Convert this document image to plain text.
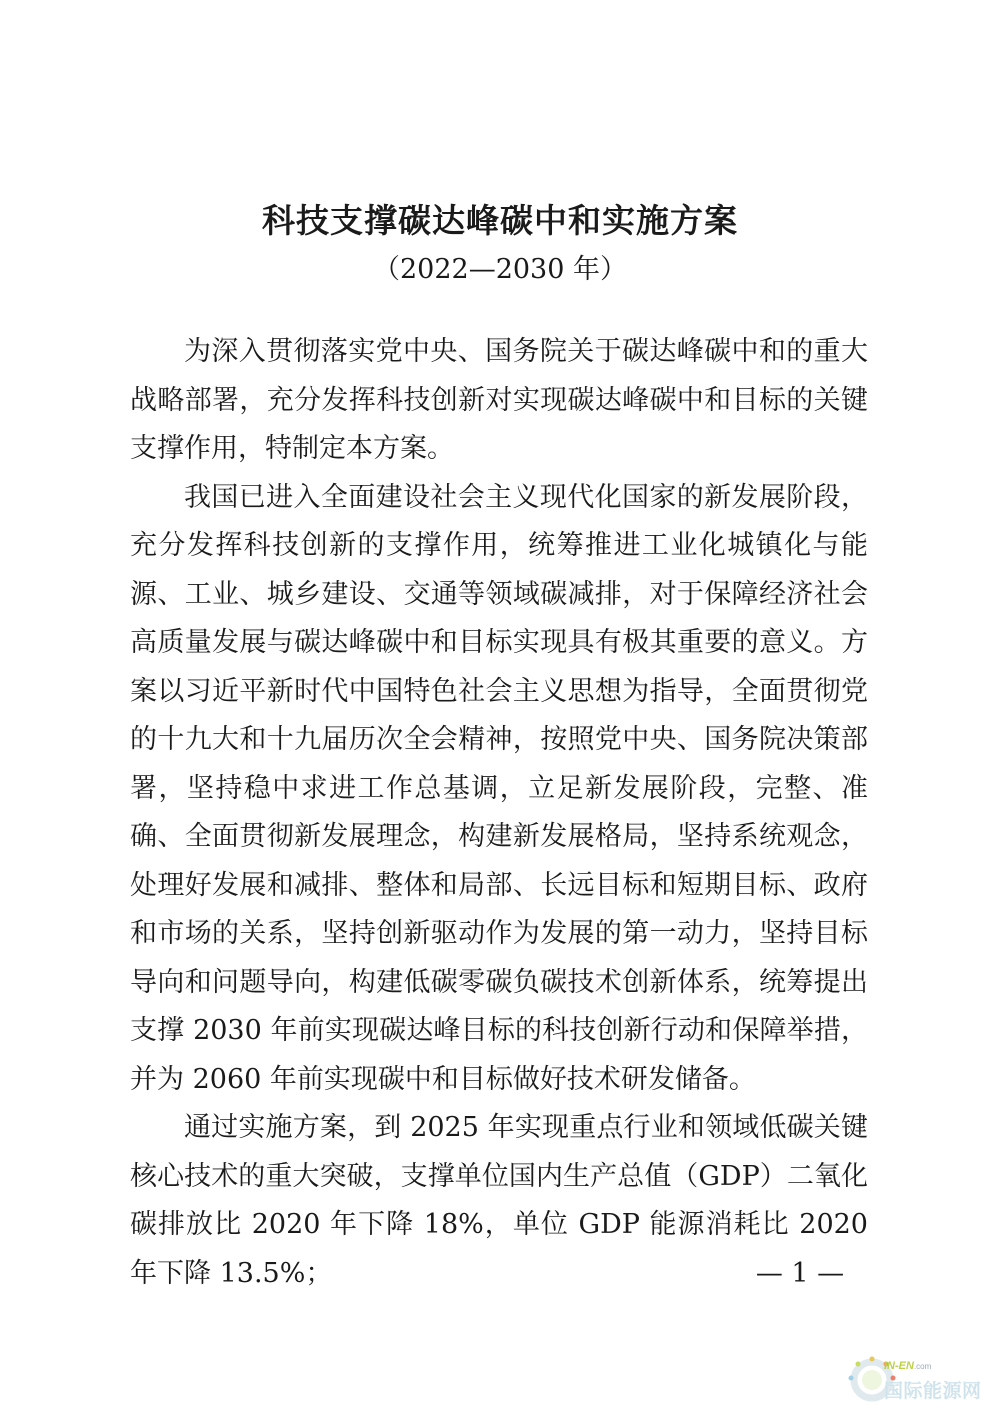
科技支撑碳达峰碳中和实施方案
（2022—2030 年）

为深入贯彻落实党中央、国务院关于碳达峰碳中和的重大战略部署，充分发挥科技创新对实现碳达峰碳中和目标的关键支撑作用，特制定本方案。

我国已进入全面建设社会主义现代化国家的新发展阶段，充分发挥科技创新的支撑作用，统筹推进工业化城镇化与能源、工业、城乡建设、交通等领域碳减排，对于保障经济社会高质量发展与碳达峰碳中和目标实现具有极其重要的意义。方案以习近平新时代中国特色社会主义思想为指导，全面贯彻党的十九大和十九届历次全会精神，按照党中央、国务院决策部署，坚持稳中求进工作总基调，立足新发展阶段，完整、准确、全面贯彻新发展理念，构建新发展格局，坚持系统观念，处理好发展和减排、整体和局部、长远目标和短期目标、政府和市场的关系，坚持创新驱动作为发展的第一动力，坚持目标导向和问题导向，构建低碳零碳负碳技术创新体系，统筹提出支撑 2030 年前实现碳达峰目标的科技创新行动和保障举措，并为 2060 年前实现碳中和目标做好技术研发储备。

通过实施方案，到 2025 年实现重点行业和领域低碳关键核心技术的重大突破，支撑单位国内生产总值（GDP）二氧化碳排放比 2020 年下降 18%，单位 GDP 能源消耗比 2020 年下降 13.5%；	— 1 —
IN-EN.com
国际能源网
